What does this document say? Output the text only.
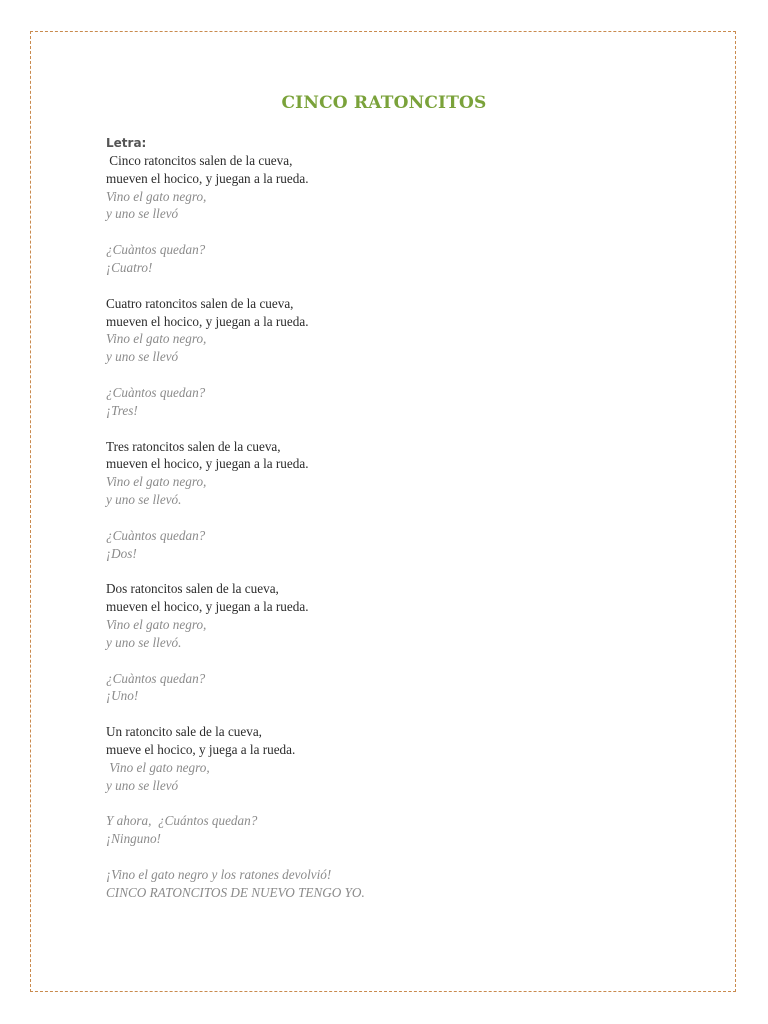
CINCO RATONCITOS
Letra:
Cinco ratoncitos salen de la cueva,
mueven el hocico, y juegan a la rueda.
Vino el gato negro,
y uno se llevó
¿Cuàntos quedan?
¡Cuatro!
Cuatro ratoncitos salen de la cueva,
mueven el hocico, y juegan a la rueda.
Vino el gato negro,
y uno se llevó
¿Cuàntos quedan?
¡Tres!
Tres ratoncitos salen de la cueva,
mueven el hocico, y juegan a la rueda.
Vino el gato negro,
y uno se llevó.
¿Cuàntos quedan?
¡Dos!
Dos ratoncitos salen de la cueva,
mueven el hocico, y juegan a la rueda.
Vino el gato negro,
y uno se llevó.
¿Cuàntos quedan?
¡Uno!
Un ratoncito sale de la cueva,
mueve el hocico, y juega a la rueda.
Vino el gato negro,
y uno se llevó
Y ahora,  ¿Cuántos quedan?
¡Ninguno!
¡Vino el gato negro y los ratones devolvió!
CINCO RATONCITOS DE NUEVO TENGO YO.
